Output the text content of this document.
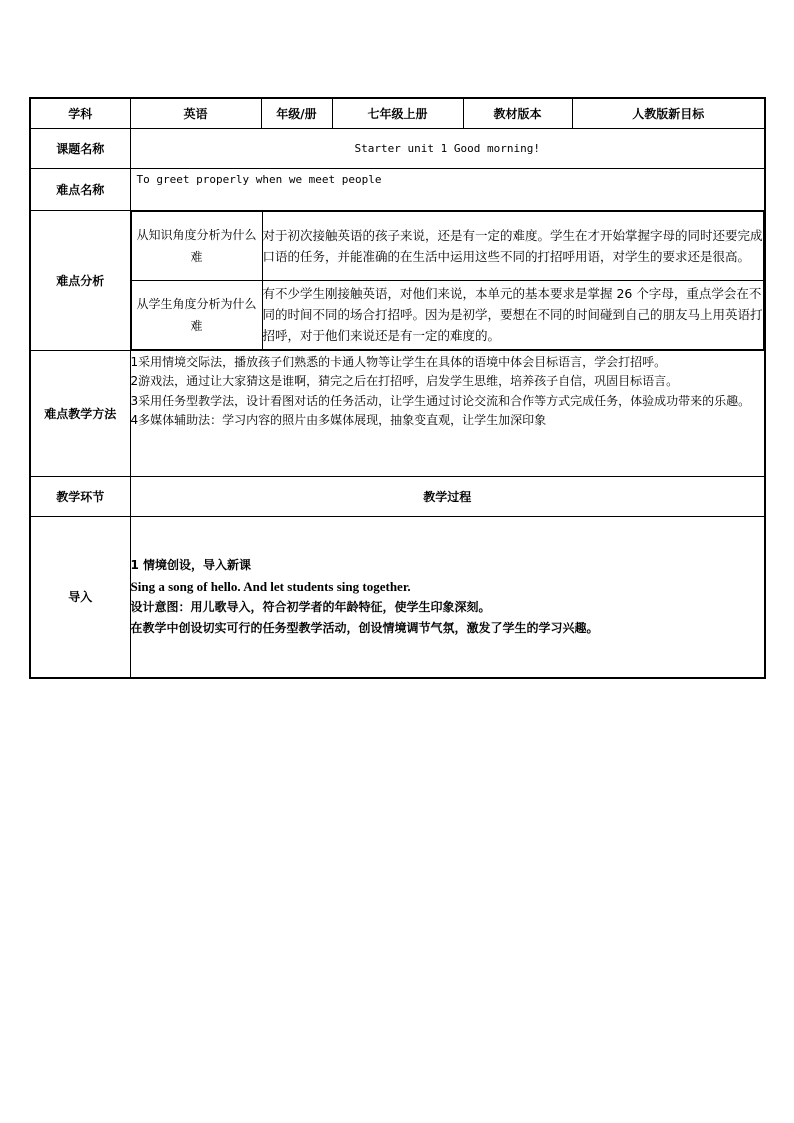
学科	英语	年级/册	七年级上册	教材版本	人教版新目标
课题名称	Starter unit 1 Good morning!
难点名称	To greet properly when we meet people
难点分析	
从知识角度分析为什么难	对于初次接触英语的孩子来说，还是有一定的难度。学生在才开始掌握字母的同时还要完成口语的任务，并能准确的在生活中运用这些不同的打招呼用语，对学生的要求还是很高。
从学生角度分析为什么难	有不少学生刚接触英语，对他们来说，本单元的基本要求是掌握 26 个字母，重点学会在不同的时间不同的场合打招呼。因为是初学，要想在不同的时间碰到自己的朋友马上用英语打招呼，对于他们来说还是有一定的难度的。

难点教学方法	
1采用情境交际法，播放孩子们熟悉的卡通人物等让学生在具体的语境中体会目标语言，学会打招呼。
2游戏法，通过让大家猜这是谁啊，猜完之后在打招呼，启发学生思维，培养孩子自信，巩固目标语言。
3采用任务型教学法，设计看图对话的任务活动，让学生通过讨论交流和合作等方式完成任务，体验成功带来的乐趣。
4多媒体辅助法：学习内容的照片由多媒体展现，抽象变直观，让学生加深印象

教学环节	教学过程
导入	
1 情境创设，导入新课
Sing a song of hello. And let students sing together.
设计意图：用儿歌导入，符合初学者的年龄特征，使学生印象深刻。
在教学中创设切实可行的任务型教学活动，创设情境调节气氛，激发了学生的学习兴趣。
